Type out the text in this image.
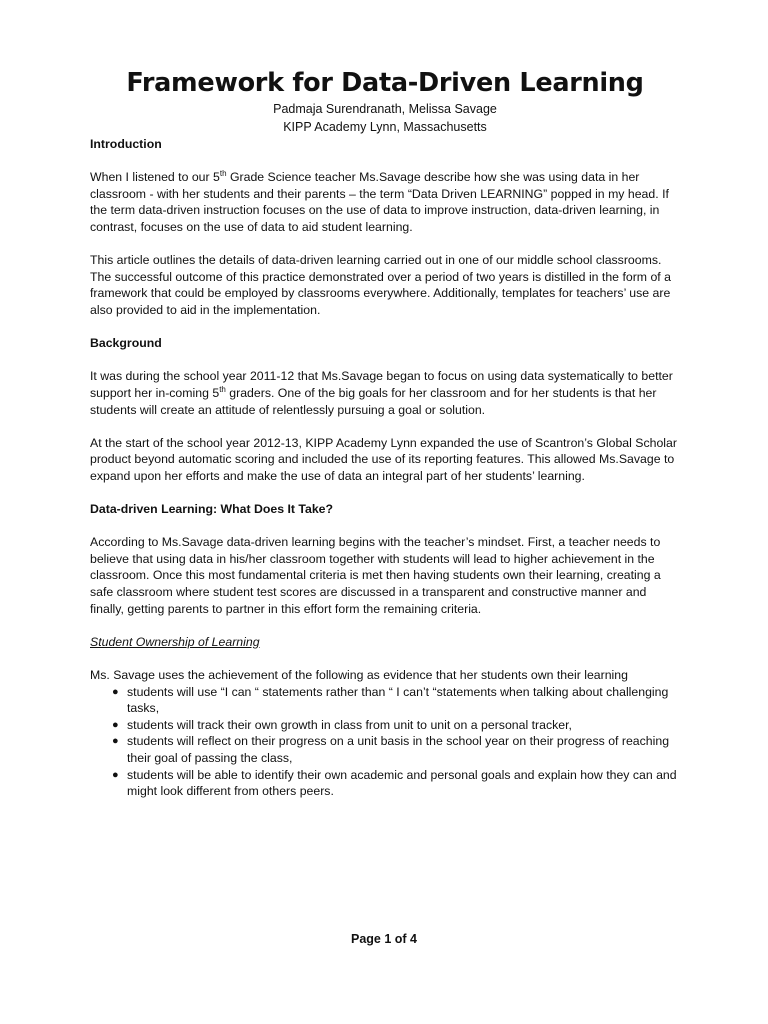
Framework for Data-Driven Learning

Padmaja Surendranath, Melissa Savage

KIPP Academy Lynn, Massachusetts

Introduction

When I listened to our 5th Grade Science teacher Ms.Savage describe how she was using data in her classroom - with her students and their parents – the term “Data Driven LEARNING” popped in my head. If the term data-driven instruction focuses on the use of data to improve instruction, data-driven learning, in contrast, focuses on the use of data to aid student learning.

This article outlines the details of data-driven learning carried out in one of our middle school classrooms. The successful outcome of this practice demonstrated over a period of two years is distilled in the form of a framework that could be employed by classrooms everywhere. Additionally, templates for teachers’ use are also provided to aid in the implementation.

Background

It was during the school year 2011-12 that Ms.Savage began to focus on using data systematically to better support her in-coming 5th graders. One of the big goals for her classroom and for her students is that her students will create an attitude of relentlessly pursuing a goal or solution.

At the start of the school year 2012-13, KIPP Academy Lynn expanded the use of Scantron’s Global Scholar product beyond automatic scoring and included the use of its reporting features. This allowed Ms.Savage to expand upon her efforts and make the use of data an integral part of her students’ learning.

Data-driven Learning: What Does It Take?

According to Ms.Savage data-driven learning begins with the teacher’s mindset. First, a teacher needs to believe that using data in his/her classroom together with students will lead to higher achievement in the classroom. Once this most fundamental criteria is met then having students own their learning, creating a safe classroom where student test scores are discussed in a transparent and constructive manner and finally, getting parents to partner in this effort form the remaining criteria.

Student Ownership of Learning

Ms. Savage uses the achievement of the following as evidence that her students own their learning

● students will use “I can “ statements rather than “ I can’t “statements when talking about challenging tasks,
● students will track their own growth in class from unit to unit on a personal tracker,
● students will reflect on their progress on a unit basis in the school year on their progress of reaching their goal of passing the class,
● students will be able to identify their own academic and personal goals and explain how they can and might look different from others peers.
Page 1 of 4
